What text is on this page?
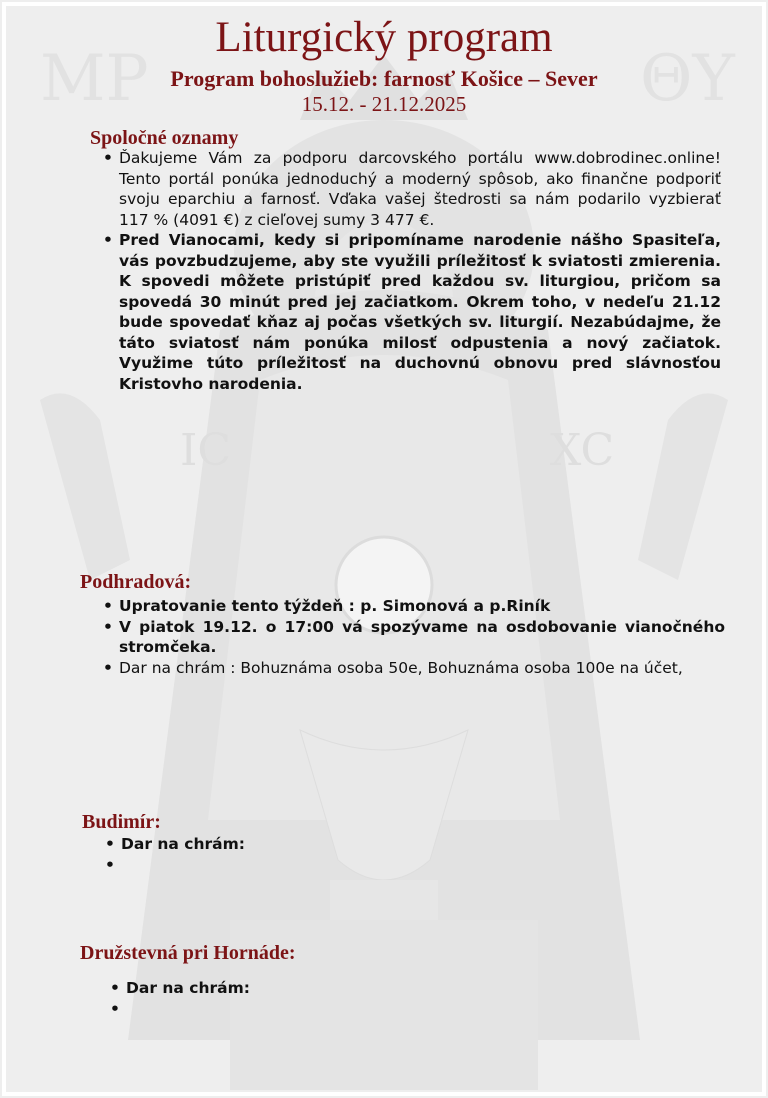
MP	ΘΥ
IC	XC
Liturgický program
Program bohoslužieb: farnosť Košice – Sever
15.12. - 21.12.2025
Spoločné oznamy
• Ďakujeme Vám za podporu darcovského portálu www.dobrodinec.online! Tento portál ponúka jednoduchý a moderný spôsob, ako finančne podporiť svoju eparchiu a farnosť. Vďaka vašej štedrosti sa nám podarilo vyzbierať 117 % (4091 €) z cieľovej sumy 3 477 €.
• Pred Vianocami, kedy si pripomíname narodenie nášho Spasiteľa, vás povzbudzujeme, aby ste využili príležitosť k sviatosti zmierenia. K spovedi môžete pristúpiť pred každou sv. liturgiou, pričom sa spovedá 30 minút pred jej začiatkom. Okrem toho, v nedeľu 21.12 bude spovedať kňaz aj počas všetkých sv. liturgií. Nezabúdajme, že táto sviatosť nám ponúka milosť odpustenia a nový začiatok. Využime túto príležitosť na duchovnú obnovu pred slávnosťou Kristovho narodenia.
Podhradová:
• Upratovanie tento týždeň : p. Simonová a p.Riník
• V piatok 19.12. o 17:00 vá spozývame na osdobovanie vianočného stromčeka.
• Dar na chrám : Bohuznáma osoba 50e, Bohuznáma osoba 100e na účet,
Budimír:
• Dar na chrám:
•
Družstevná pri Hornáde:
• Dar na chrám:
•
